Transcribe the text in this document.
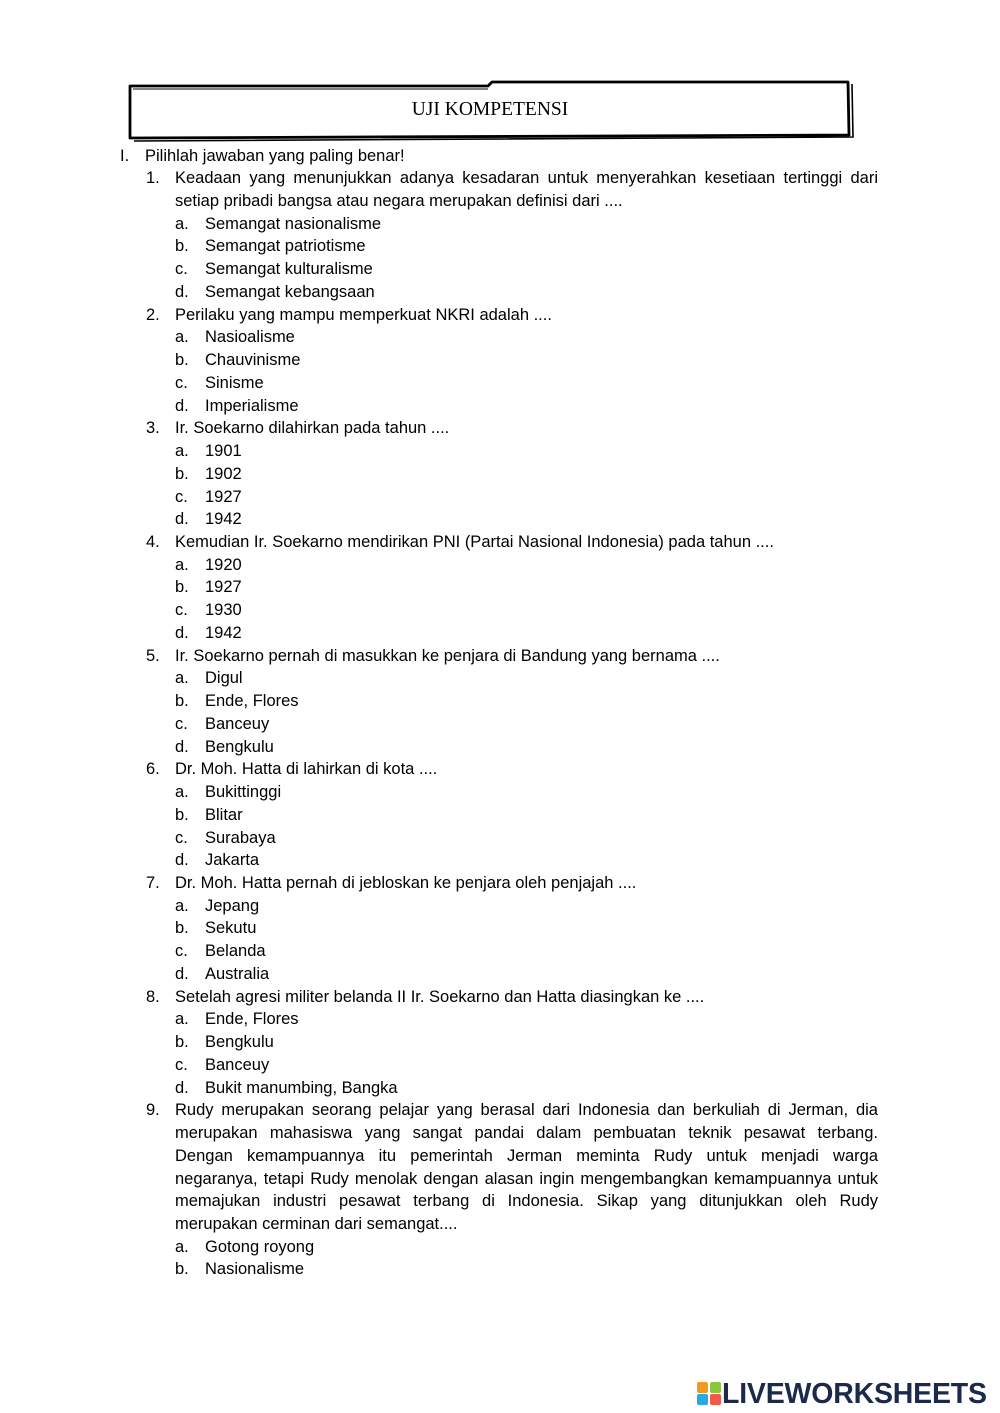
UJI KOMPETENSI
I. Pilihlah jawaban yang paling benar!
1. Keadaan yang menunjukkan adanya kesadaran untuk menyerahkan kesetiaan tertinggi dari
setiap pribadi bangsa atau negara merupakan definisi dari ....
a. Semangat nasionalisme
b. Semangat patriotisme
c. Semangat kulturalisme
d. Semangat kebangsaan
2. Perilaku yang mampu memperkuat NKRI adalah ....
a. Nasioalisme
b. Chauvinisme
c. Sinisme
d. Imperialisme
3. Ir. Soekarno dilahirkan pada tahun ....
a. 1901
b. 1902
c. 1927
d. 1942
4. Kemudian Ir. Soekarno mendirikan PNI (Partai Nasional Indonesia) pada tahun ....
a. 1920
b. 1927
c. 1930
d. 1942
5. Ir. Soekarno pernah di masukkan ke penjara di Bandung yang bernama ....
a. Digul
b. Ende, Flores
c. Banceuy
d. Bengkulu
6. Dr. Moh. Hatta di lahirkan di kota ....
a. Bukittinggi
b. Blitar
c. Surabaya
d. Jakarta
7. Dr. Moh. Hatta pernah di jebloskan ke penjara oleh penjajah ....
a. Jepang
b. Sekutu
c. Belanda
d. Australia
8. Setelah agresi militer belanda II Ir. Soekarno dan Hatta diasingkan ke ....
a. Ende, Flores
b. Bengkulu
c. Banceuy
d. Bukit manumbing, Bangka
9. Rudy merupakan seorang pelajar yang berasal dari Indonesia dan berkuliah di Jerman, dia
merupakan mahasiswa yang sangat pandai dalam pembuatan teknik pesawat terbang.
Dengan kemampuannya itu pemerintah Jerman meminta Rudy untuk menjadi warga
negaranya, tetapi Rudy menolak dengan alasan ingin mengembangkan kemampuannya untuk
memajukan industri pesawat terbang di Indonesia. Sikap yang ditunjukkan oleh Rudy
merupakan cerminan dari semangat....
a. Gotong royong
b. Nasionalisme
LIVEWORKSHEETS
